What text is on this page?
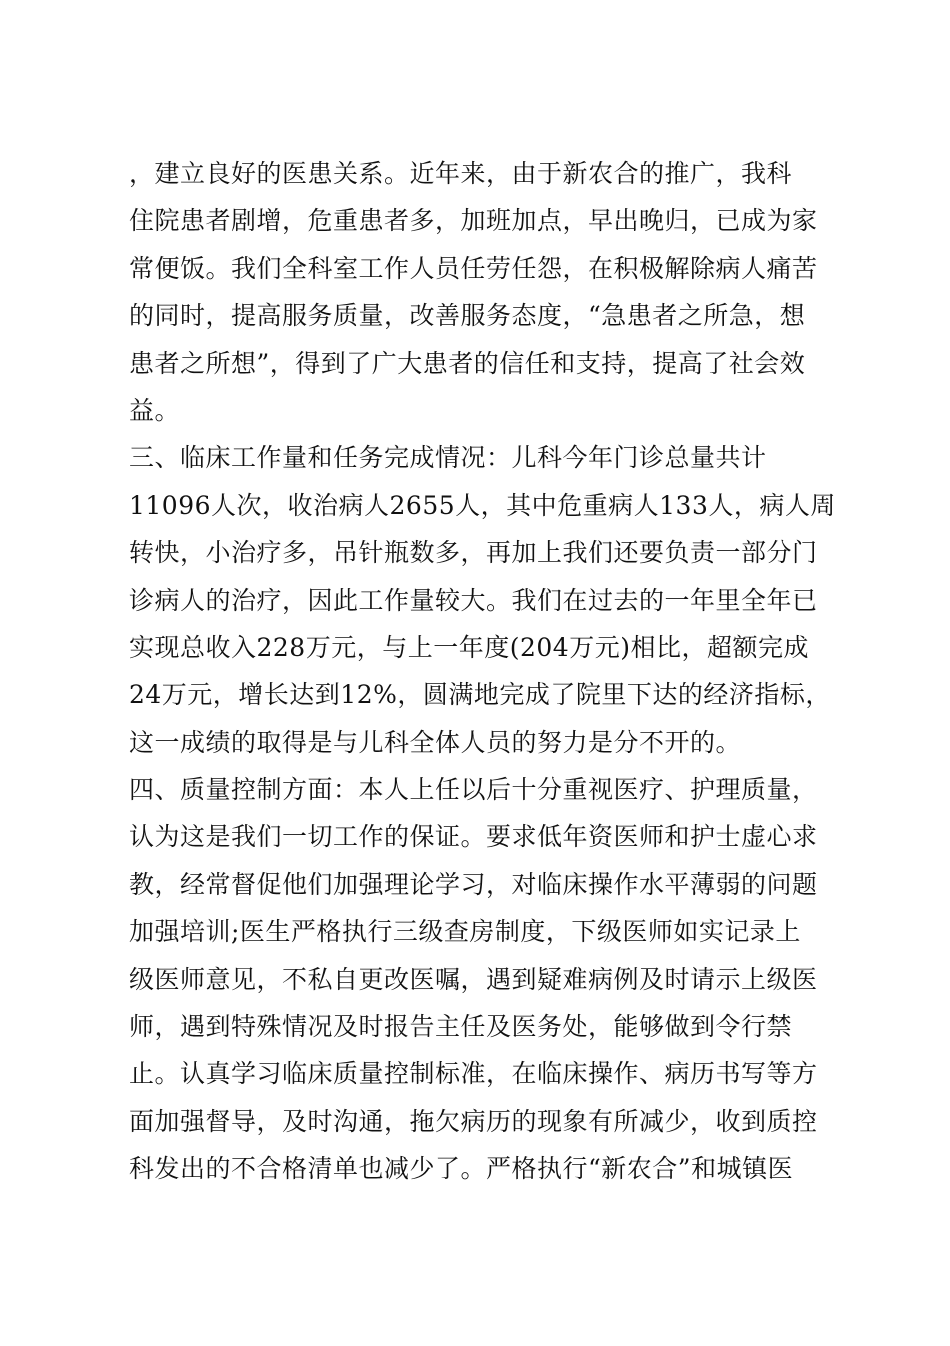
，建立良好的医患关系。近年来，由于新农合的推广，我科
住院患者剧增，危重患者多，加班加点，早出晚归，已成为家
常便饭。我们全科室工作人员任劳任怨，在积极解除病人痛苦
的同时，提高服务质量，改善服务态度，“急患者之所急，想
患者之所想”，得到了广大患者的信任和支持，提高了社会效
益。
三、临床工作量和任务完成情况：儿科今年门诊总量共计
11096人次，收治病人2655人，其中危重病人133人，病人周
转快，小治疗多，吊针瓶数多，再加上我们还要负责一部分门
诊病人的治疗，因此工作量较大。我们在过去的一年里全年已
实现总收入228万元，与上一年度(204万元)相比，超额完成
24万元，增长达到12%，圆满地完成了院里下达的经济指标，
这一成绩的取得是与儿科全体人员的努力是分不开的。
四、质量控制方面：本人上任以后十分重视医疗、护理质量，
认为这是我们一切工作的保证。要求低年资医师和护士虚心求
教，经常督促他们加强理论学习，对临床操作水平薄弱的问题
加强培训;医生严格执行三级查房制度，下级医师如实记录上
级医师意见，不私自更改医嘱，遇到疑难病例及时请示上级医
师，遇到特殊情况及时报告主任及医务处，能够做到令行禁
止。认真学习临床质量控制标准，在临床操作、病历书写等方
面加强督导，及时沟通，拖欠病历的现象有所减少，收到质控
科发出的不合格清单也减少了。严格执行“新农合”和城镇医
